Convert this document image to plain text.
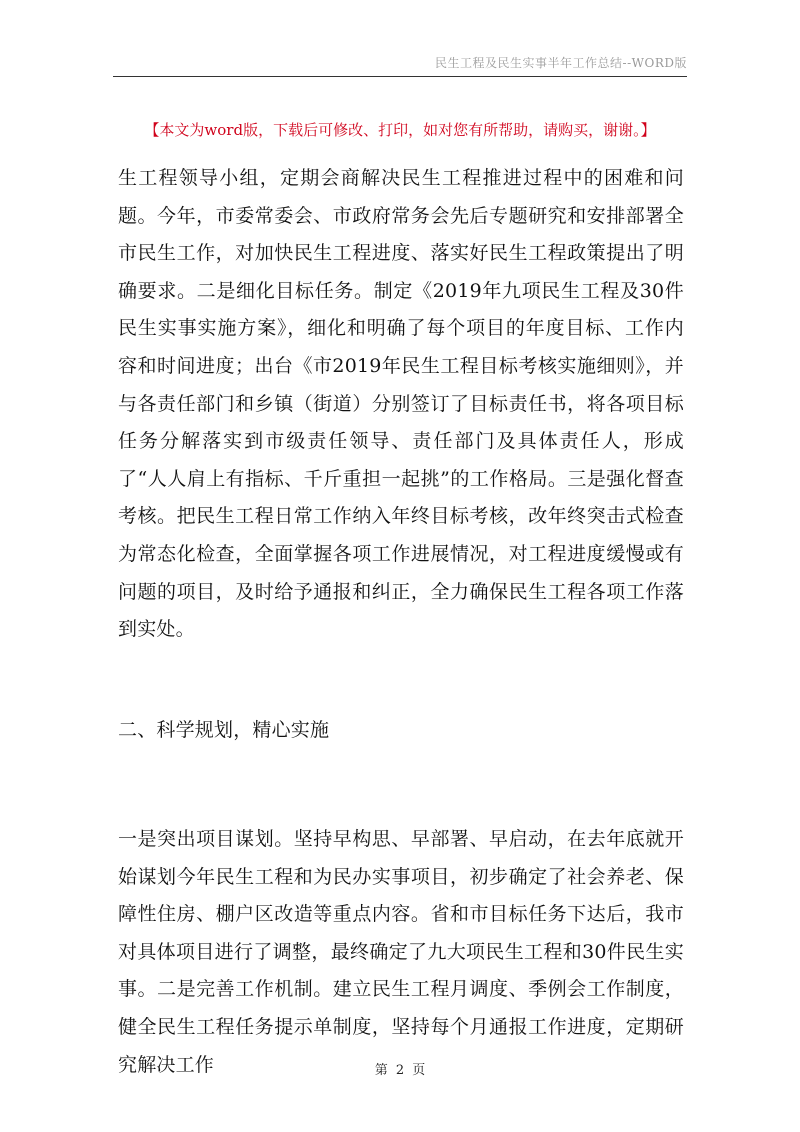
民生工程及民生实事半年工作总结--WORD版
【本文为word版，下载后可修改、打印，如对您有所帮助，请购买，谢谢。】

生工程领导小组，定期会商解决民生工程推进过程中的困难和问题。今年，市委常委会、市政府常务会先后专题研究和安排部署全市民生工作，对加快民生工程进度、落实好民生工程政策提出了明确要求。二是细化目标任务。制定《2019年九项民生工程及30件民生实事实施方案》，细化和明确了每个项目的年度目标、工作内容和时间进度；出台《市2019年民生工程目标考核实施细则》，并与各责任部门和乡镇（街道）分别签订了目标责任书，将各项目标任务分解落实到市级责任领导、责任部门及具体责任人，形成了“人人肩上有指标、千斤重担一起挑”的工作格局。三是强化督查考核。把民生工程日常工作纳入年终目标考核，改年终突击式检查为常态化检查，全面掌握各项工作进展情况，对工程进度缓慢或有问题的项目，及时给予通报和纠正，全力确保民生工程各项工作落到实处。

二、科学规划，精心实施

一是突出项目谋划。坚持早构思、早部署、早启动，在去年底就开始谋划今年民生工程和为民办实事项目，初步确定了社会养老、保障性住房、棚户区改造等重点内容。省和市目标任务下达后，我市对具体项目进行了调整，最终确定了九大项民生工程和30件民生实事。二是完善工作机制。建立民生工程月调度、季例会工作制度，健全民生工程任务提示单制度，坚持每个月通报工作进度，定期研究解决工作	第 2 页
